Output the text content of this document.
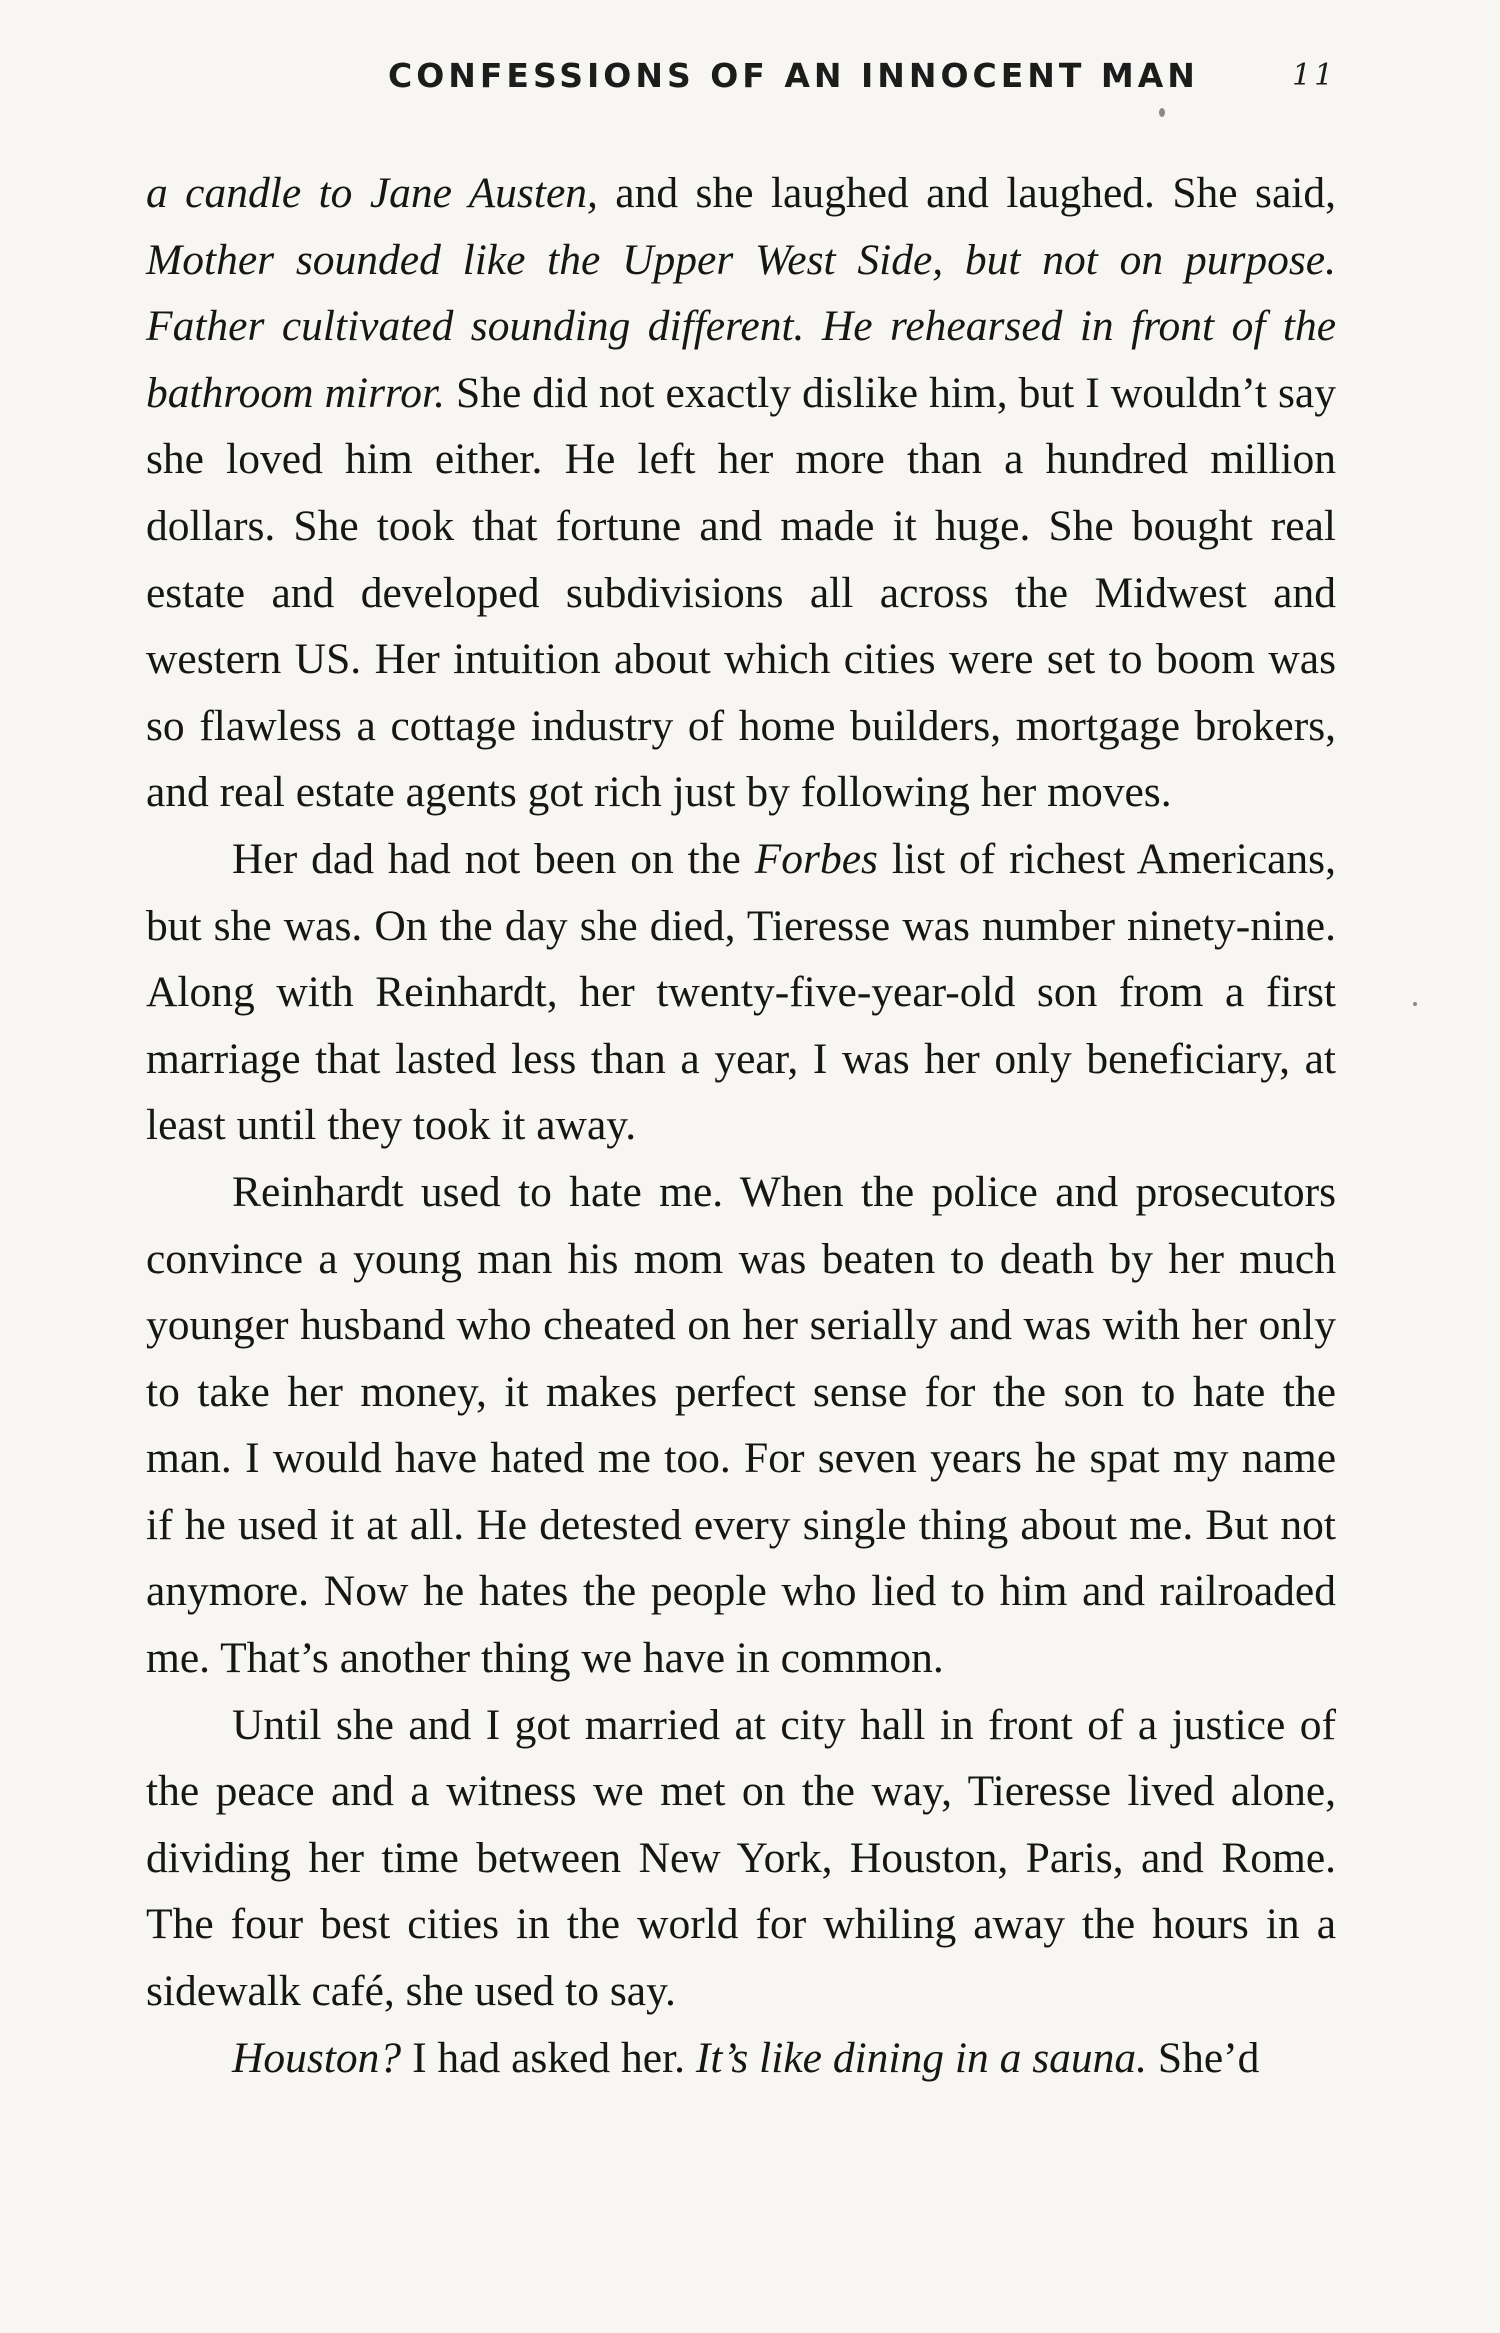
CONFESSIONS OF AN INNOCENT MAN	11

a candle to Jane Austen, and she laughed and laughed. She said, Mother sounded like the Upper West Side, but not on purpose. Father cultivated sounding different. He rehearsed in front of the bathroom mirror. She did not exactly dislike him, but I wouldn’t say she loved him either. He left her more than a hundred million dollars. She took that fortune and made it huge. She bought real estate and developed subdivisions all across the Midwest and western US. Her intuition about which cities were set to boom was so flawless a cottage industry of home builders, mortgage brokers, and real estate agents got rich just by following her moves.

Her dad had not been on the Forbes list of richest Americans, but she was. On the day she died, Tieresse was number ninety-nine. Along with Reinhardt, her twenty-five-year-old son from a first marriage that lasted less than a year, I was her only beneficiary, at least until they took it away.

Reinhardt used to hate me. When the police and prosecutors convince a young man his mom was beaten to death by her much younger husband who cheated on her serially and was with her only to take her money, it makes perfect sense for the son to hate the man. I would have hated me too. For seven years he spat my name if he used it at all. He detested every single thing about me. But not anymore. Now he hates the people who lied to him and railroaded me. That’s another thing we have in common.

Until she and I got married at city hall in front of a justice of the peace and a witness we met on the way, Tieresse lived alone, dividing her time between New York, Houston, Paris, and Rome. The four best cities in the world for whiling away the hours in a sidewalk café, she used to say.

Houston? I had asked her. It’s like dining in a sauna. She’d
